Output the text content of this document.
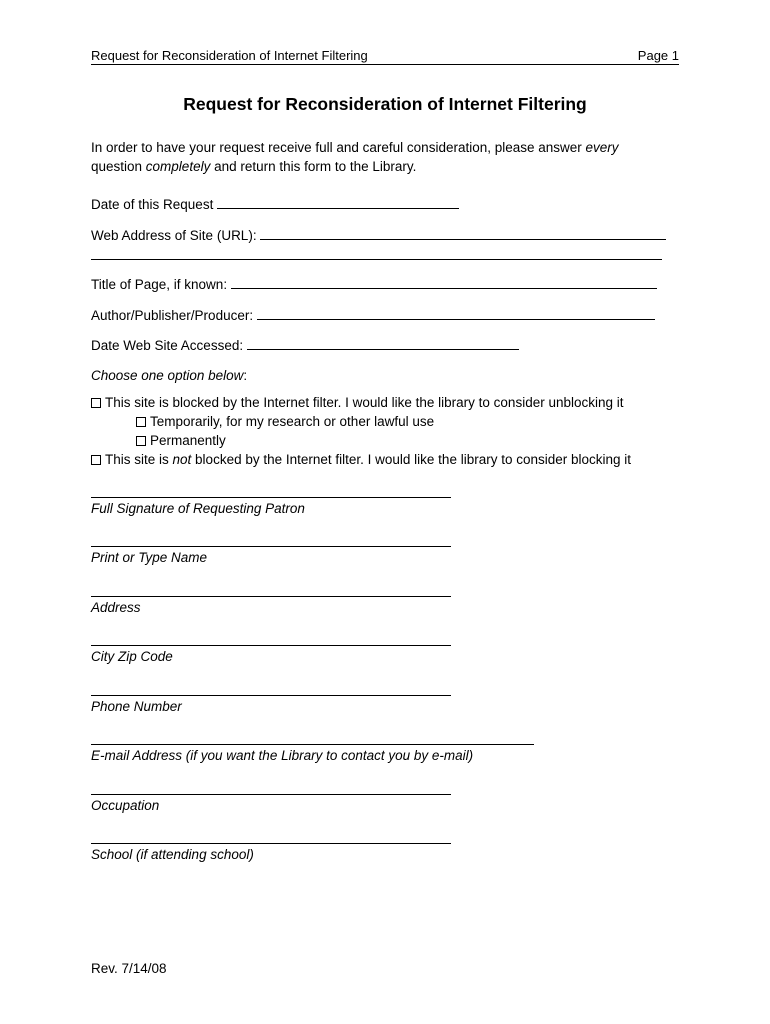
Request for Reconsideration of Internet Filtering	Page 1
Request for Reconsideration of Internet Filtering
In order to have your request receive full and careful consideration, please answer every question completely and return this form to the Library.
Date of this Request
Web Address of Site (URL):
Title of Page, if known:
Author/Publisher/Producer:
Date Web Site Accessed:
Choose one option below:
This site is blocked by the Internet filter. I would like the library to consider unblocking it
Temporarily, for my research or other lawful use
Permanently
This site is not blocked by the Internet filter. I would like the library to consider blocking it
Full Signature of Requesting Patron
Print or Type Name
Address
City Zip Code
Phone Number
E-mail Address (if you want the Library to contact you by e-mail)
Occupation
School (if attending school)
Rev. 7/14/08
